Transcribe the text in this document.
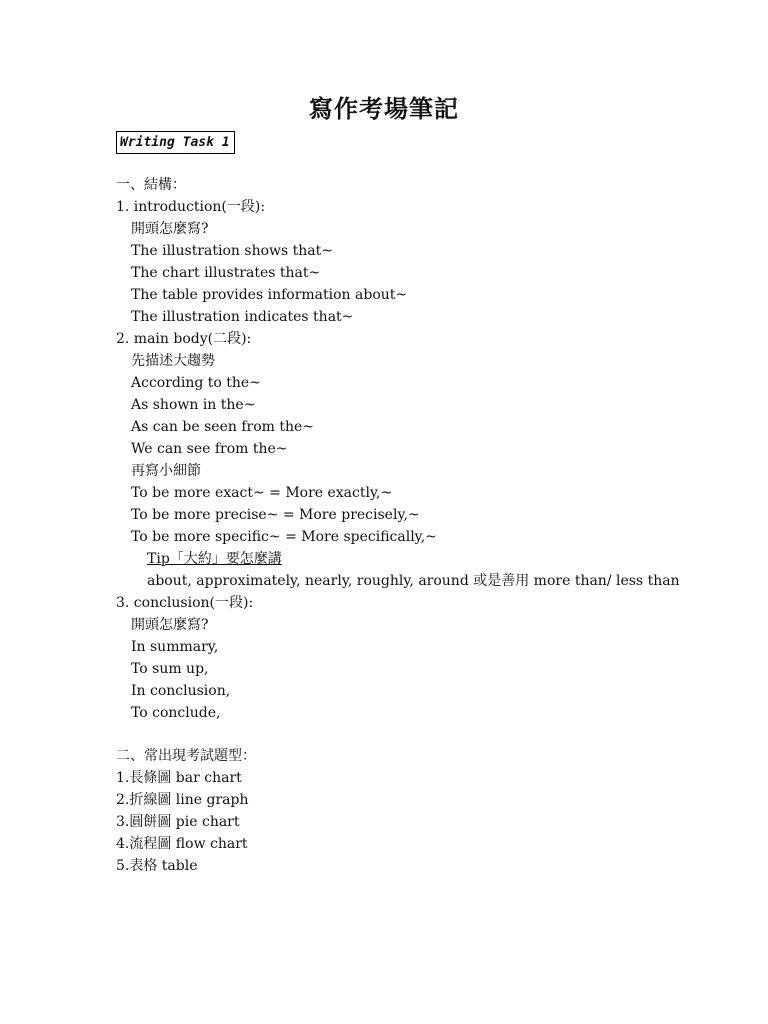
寫作考場筆記
Writing Task 1
一、結構：
1. introduction(一段):
開頭怎麼寫?
The illustration shows that~
The chart illustrates that~
The table provides information about~
The illustration indicates that~
2. main body(二段):
先描述大趨勢
According to the~
As shown in the~
As can be seen from the~
We can see from the~
再寫小細節
To be more exact~ = More exactly,~
To be more precise~ = More precisely,~
To be more specific~ = More specifically,~
Tip「大約」要怎麼講
about, approximately, nearly, roughly, around 或是善用 more than/ less than
3. conclusion(一段):
開頭怎麼寫?
In summary,
To sum up,
In conclusion,
To conclude,
二、常出現考試題型：
1.長條圖 bar chart
2.折線圖 line graph
3.圓餅圖 pie chart
4.流程圖 flow chart
5.表格 table
